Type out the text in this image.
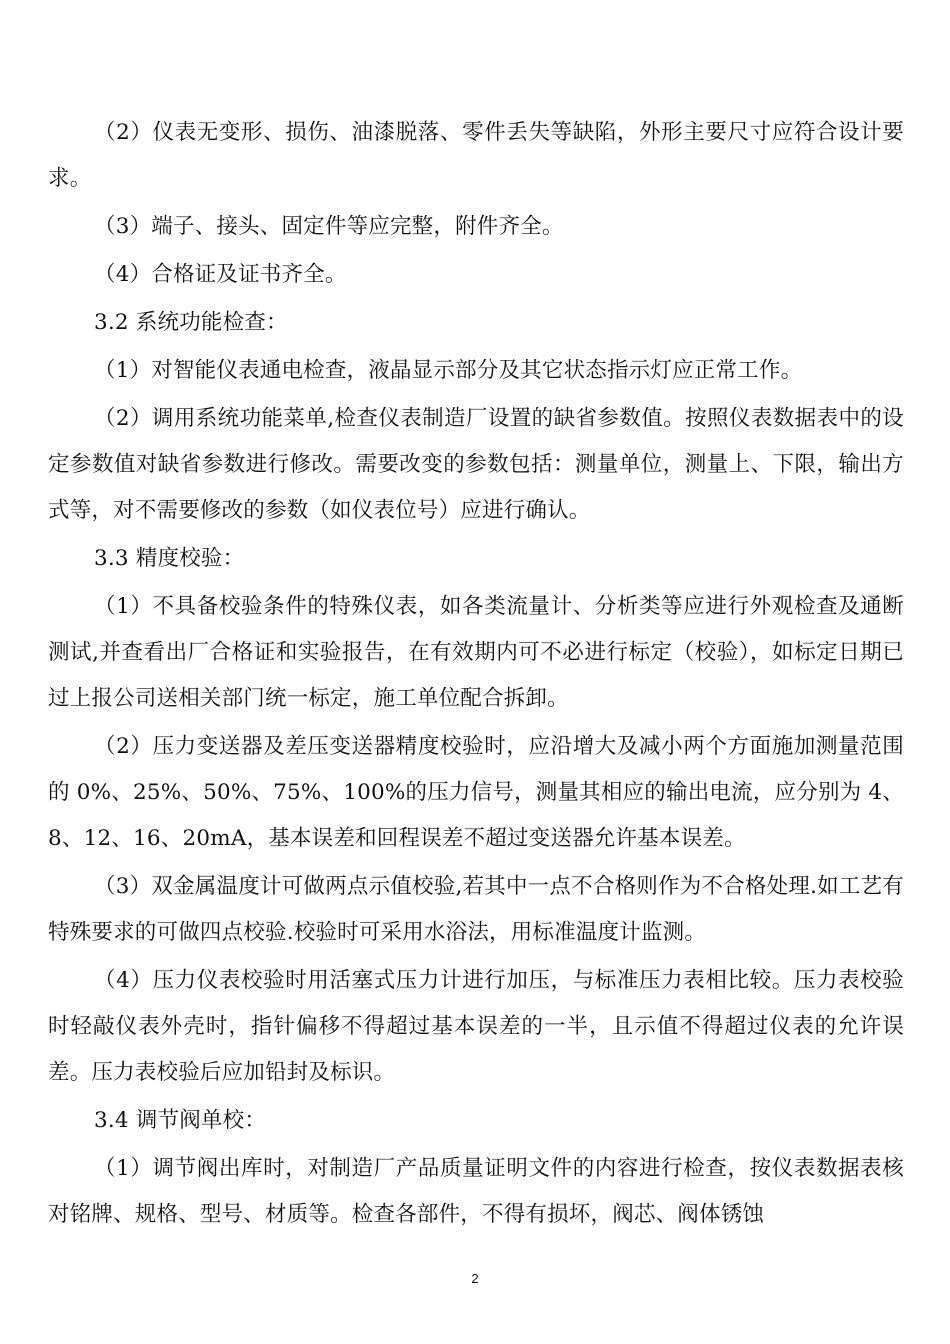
（2）仪表无变形、损伤、油漆脱落、零件丢失等缺陷，外形主要尺寸应符合设计要求。

（3）端子、接头、固定件等应完整，附件齐全。

（4）合格证及证书齐全。

3.2 系统功能检查：

（1）对智能仪表通电检查，液晶显示部分及其它状态指示灯应正常工作。

（2）调用系统功能菜单,检查仪表制造厂设置的缺省参数值。按照仪表数据表中的设定参数值对缺省参数进行修改。需要改变的参数包括：测量单位，测量上、下限，输出方式等，对不需要修改的参数（如仪表位号）应进行确认。

3.3 精度校验：

（1）不具备校验条件的特殊仪表，如各类流量计、分析类等应进行外观检查及通断测试,并查看出厂合格证和实验报告，在有效期内可不必进行标定（校验），如标定日期已过上报公司送相关部门统一标定，施工单位配合拆卸。

（2）压力变送器及差压变送器精度校验时，应沿增大及减小两个方面施加测量范围的 0%、25%、50%、75%、100%的压力信号，测量其相应的输出电流，应分别为 4、8、12、16、20mA，基本误差和回程误差不超过变送器允许基本误差。

（3）双金属温度计可做两点示值校验,若其中一点不合格则作为不合格处理.如工艺有特殊要求的可做四点校验.校验时可采用水浴法，用标准温度计监测。

（4）压力仪表校验时用活塞式压力计进行加压，与标准压力表相比较。压力表校验时轻敲仪表外壳时，指针偏移不得超过基本误差的一半，且示值不得超过仪表的允许误差。压力表校验后应加铅封及标识。

3.4 调节阀单校：

（1）调节阀出库时，对制造厂产品质量证明文件的内容进行检查，按仪表数据表核对铭牌、规格、型号、材质等。检查各部件，不得有损坏，阀芯、阀体锈蚀

2
